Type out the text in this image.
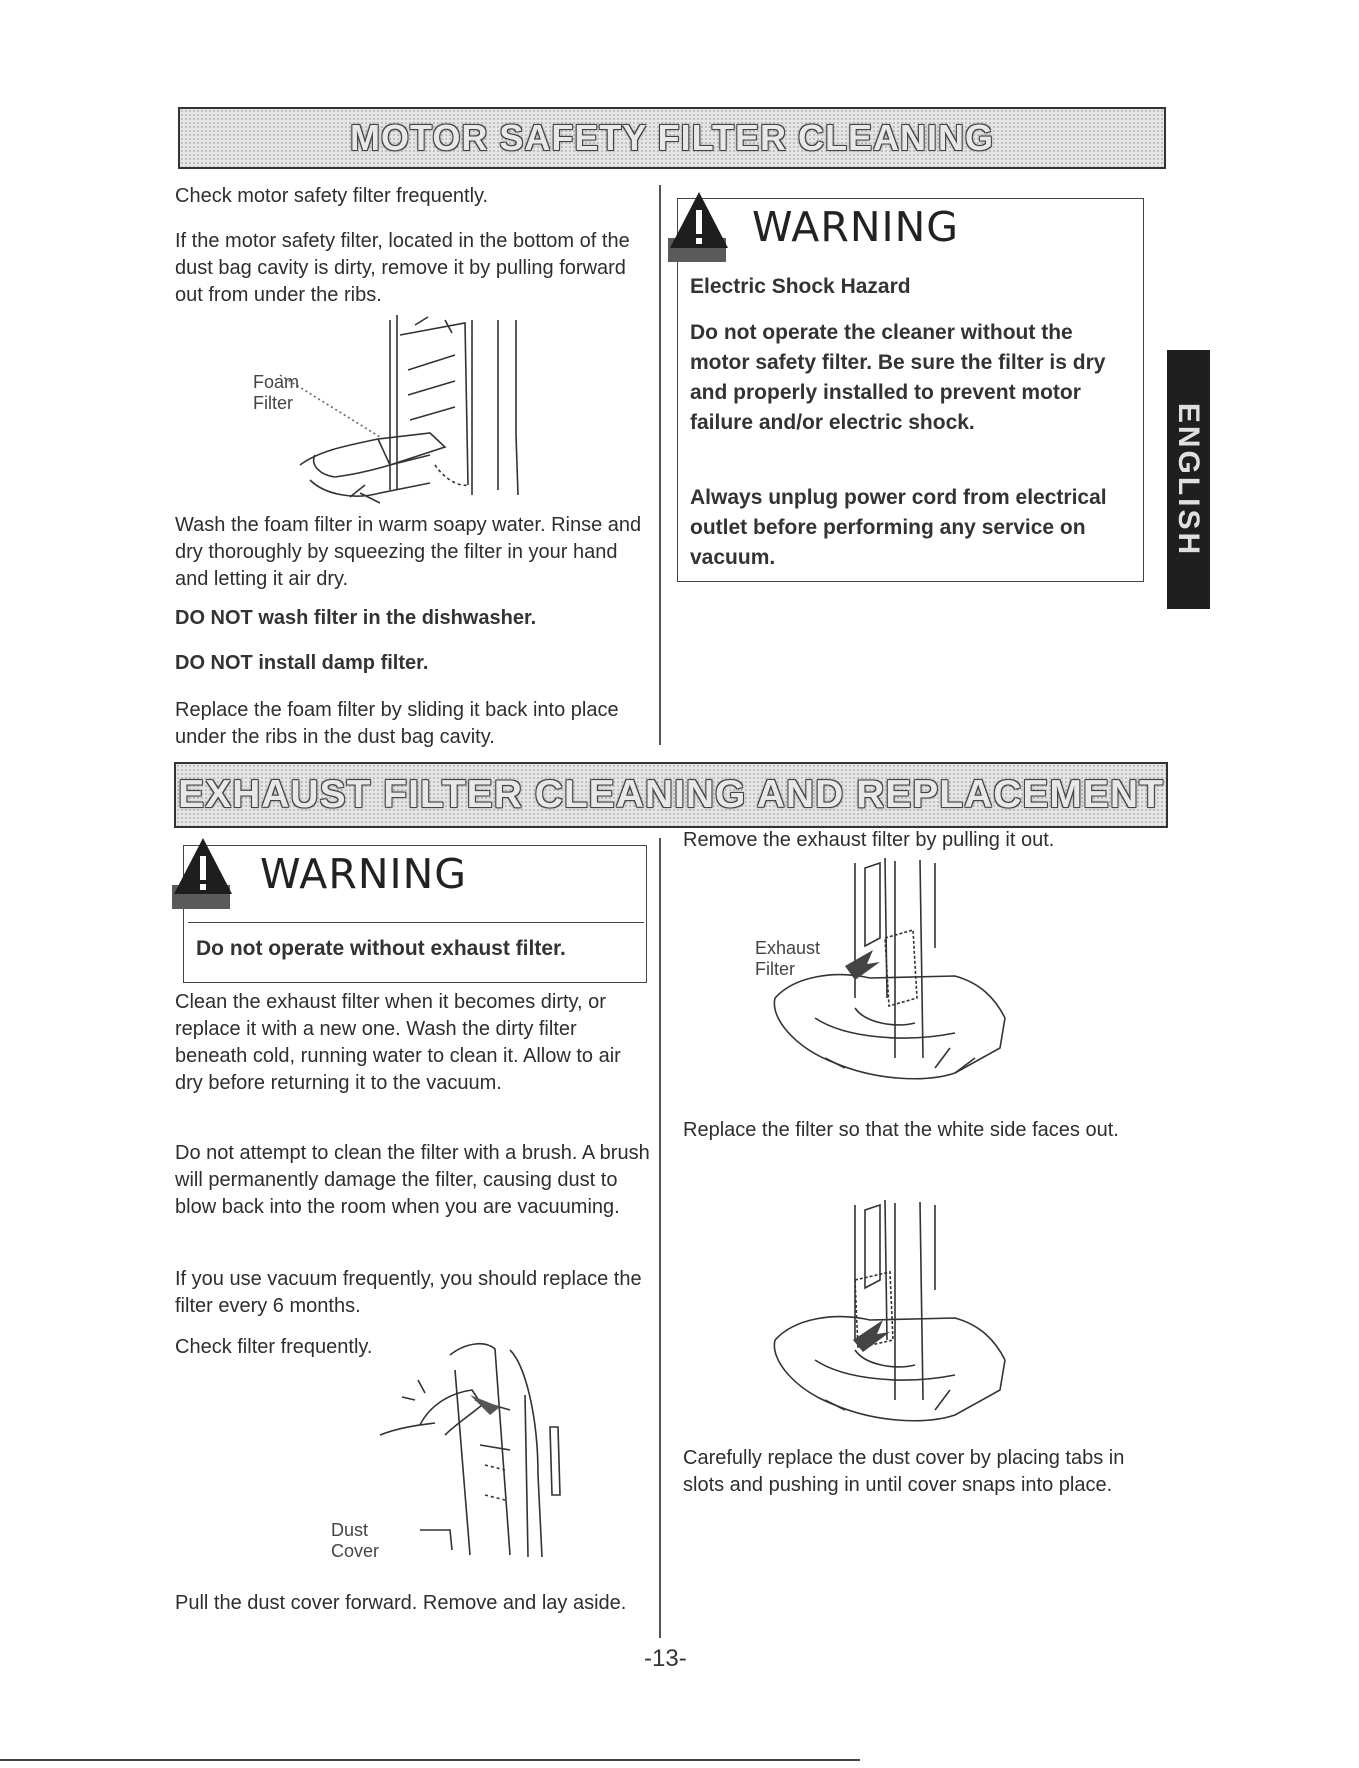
MOTOR SAFETY FILTER CLEANING

Check motor safety filter frequently.

If the motor safety filter, located in the bottom of the dust bag cavity is dirty, remove it by pulling forward out from under the ribs.

Foam
Filter

Wash the foam filter in warm soapy water. Rinse and dry thoroughly by squeezing the filter in your hand and letting it air dry.

DO NOT wash filter in the dishwasher.

DO NOT install damp filter.

Replace the foam filter by sliding it back into place under the ribs in the dust bag cavity.

WARNING
Electric Shock Hazard
Do not operate the cleaner without the motor safety filter. Be sure the filter is dry and properly installed to prevent motor failure and/or electric shock.
Always unplug power cord from electrical outlet before performing any service on vacuum.
EXHAUST FILTER CLEANING AND REPLACEMENT
WARNING
Do not operate without exhaust filter.

Clean the exhaust filter when it becomes dirty, or replace it with a new one. Wash the dirty filter beneath cold, running water to clean it. Allow to air dry before returning it to the vacuum.

Do not attempt to clean the filter with a brush. A brush will permanently damage the filter, causing dust to blow back into the room when you are vacuuming.

If you use vacuum frequently, you should replace the filter every 6 months.

Check filter frequently.

Dust
Cover

Pull the dust cover forward. Remove and lay aside.

Remove the exhaust filter by pulling it out.

Exhaust
Filter

Replace the filter so that the white side faces out.

Carefully replace the dust cover by placing tabs in slots and pushing in until cover snaps into place.

ENGLISH
-13-
